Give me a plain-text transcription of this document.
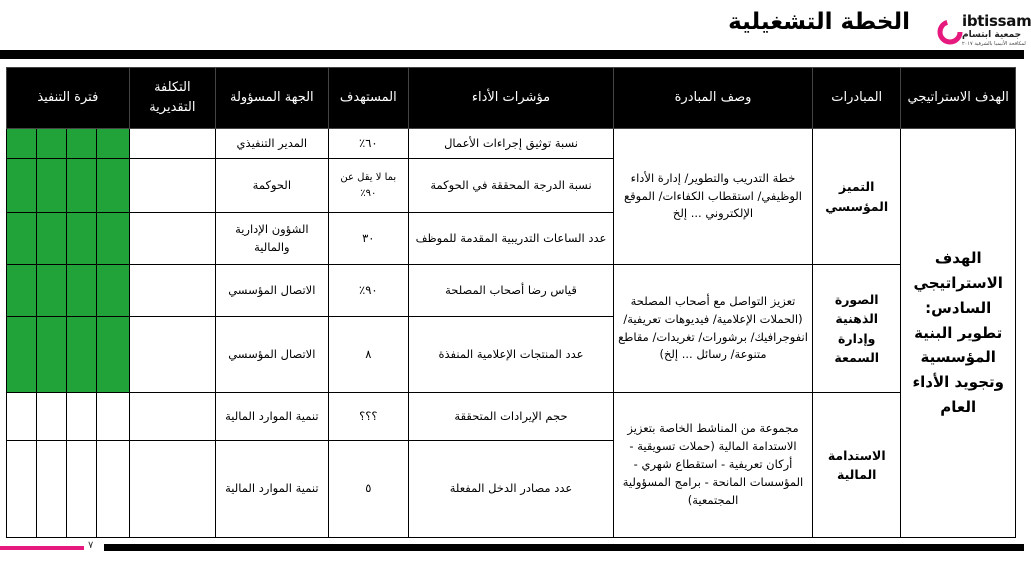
ibtissam
جمعية ابتسام
لمكافحة الأنيميا بالشرقية ٢٠١٧
الخطة التشغيلية
الهدف الاستراتيجي	المبادرات	وصف المبادرة	مؤشرات الأداء	المستهدف	الجهة المسؤولة	التكلفة التقديرية	فترة التنفيذ			
الهدف الاستراتيجي السادس: تطوير البنية المؤسسية وتجويد الأداء العام	التميز المؤسسي	خطة التدريب والتطوير/ إدارة الأداء الوظيفي/ استقطاب الكفاءات/ الموقع الإلكتروني ... إلخ	نسبة توثيق إجراءات الأعمال	٦٠٪	المدير التنفيذي					
			نسبة الدرجة المحققة في الحوكمة	بما لا يقل عن ٩٠٪	الحوكمة					
			عدد الساعات التدريبية المقدمة للموظف	٣٠	الشؤون الإدارية والمالية					
	الصورة الذهنية وإدارة السمعة	تعزيز التواصل مع أصحاب المصلحة (الحملات الإعلامية/ فيديوهات تعريفية/ انفوجرافيك/ برشورات/ تغريدات/ مقاطع متنوعة/ رسائل ... إلخ)	قياس رضا أصحاب المصلحة	٩٠٪	الاتصال المؤسسي					
			عدد المنتجات الإعلامية المنفذة	٨	الاتصال المؤسسي					
	الاستدامة المالية	مجموعة من المناشط الخاصة بتعزيز الاستدامة المالية (حملات تسويقية - أركان تعريفية - استقطاع شهري - المؤسسات المانحة - برامج المسؤولية المجتمعية)	حجم الإيرادات المتحققة	؟؟؟	تنمية الموارد المالية					
			عدد مصادر الدخل المفعلة	٥	تنمية الموارد المالية					
٧
